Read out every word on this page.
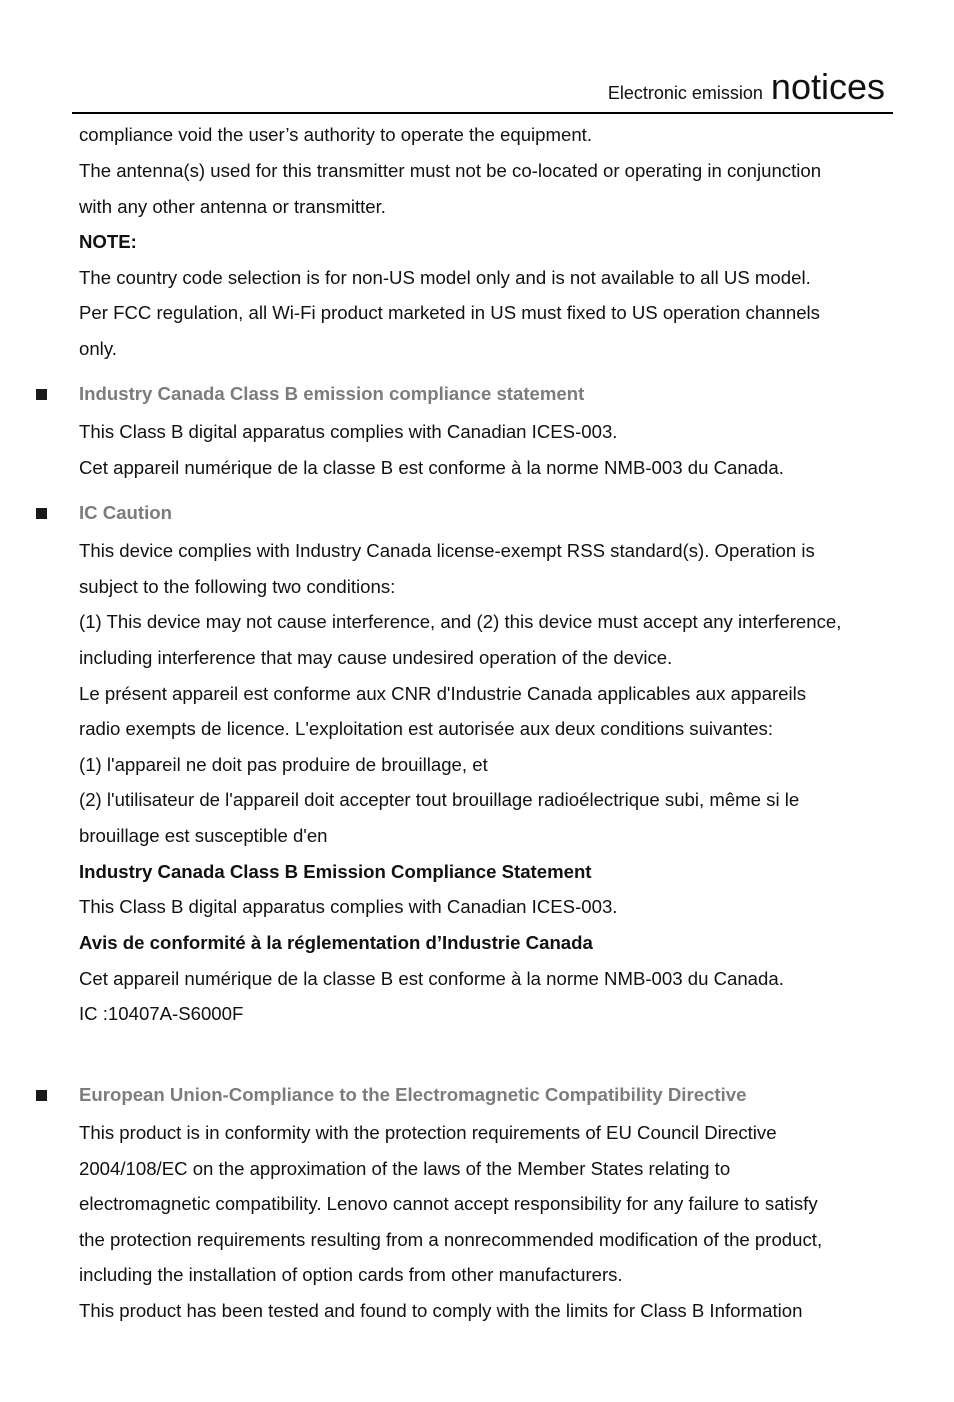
Electronic emission notices
compliance void the user’s authority to operate the equipment.
The antenna(s) used for this transmitter must not be co-located or operating in conjunction
with any other antenna or transmitter.
NOTE:
The country code selection is for non-US model only and is not available to all US model.
Per FCC regulation, all Wi-Fi product marketed in US must fixed to US operation channels
only.
Industry Canada Class B emission compliance statement
This Class B digital apparatus complies with Canadian ICES-003.
Cet appareil numérique de la classe B est conforme à la norme NMB-003 du Canada.
IC Caution
This device complies with Industry Canada license-exempt RSS standard(s). Operation is
subject to the following two conditions:
(1) This device may not cause interference, and (2) this device must accept any interference,
including interference that may cause undesired operation of the device.
Le présent appareil est conforme aux CNR d'Industrie Canada applicables aux appareils
radio exempts de licence. L'exploitation est autorisée aux deux conditions suivantes:
(1) l'appareil ne doit pas produire de brouillage, et
(2) l'utilisateur de l'appareil doit accepter tout brouillage radioélectrique subi, même si le
brouillage est susceptible d'en
Industry Canada Class B Emission Compliance Statement
This Class B digital apparatus complies with Canadian ICES-003.
Avis de conformité à la réglementation d’Industrie Canada
Cet appareil numérique de la classe B est conforme à la norme NMB-003 du Canada.
IC :10407A-S6000F
European Union-Compliance to the Electromagnetic Compatibility Directive
This product is in conformity with the protection requirements of EU Council Directive
2004/108/EC on the approximation of the laws of the Member States relating to
electromagnetic compatibility. Lenovo cannot accept responsibility for any failure to satisfy
the protection requirements resulting from a nonrecommended modification of the product,
including the installation of option cards from other manufacturers.
This product has been tested and found to comply with the limits for Class B Information
